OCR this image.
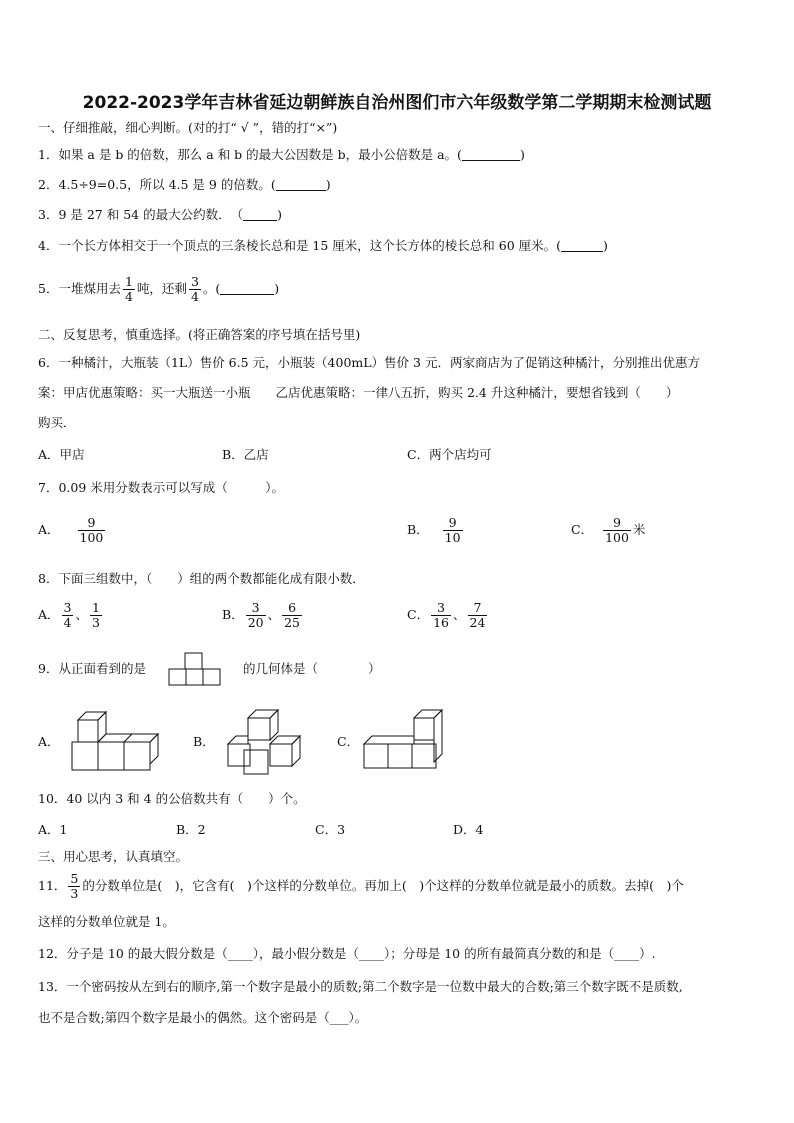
2022-2023学年吉林省延边朝鲜族自治州图们市六年级数学第二学期期末检测试题
一、仔细推敲，细心判断。(对的打“ √ ”，错的打“×”)
1．如果 a 是 b 的倍数，那么 a 和 b 的最大公因数是 b，最小公倍数是 a。(	)
2．4.5÷9=0.5，所以 4.5 是 9 的倍数。(	)
3．9 是 27 和 54 的最大公约数．　（	)
4．一个长方体相交于一个顶点的三条棱长总和是 15 厘米，这个长方体的棱长总和 60 厘米。(	)
5．一堆煤用去 $\frac{1}{4}$ 吨，还剩 $\frac{3}{4}$ 。(	)
二、反复思考，慎重选择。(将正确答案的序号填在括号里)
6．一种橘汁，大瓶装（1L）售价 6.5 元，小瓶装（400mL）售价 3 元．两家商店为了促销这种橘汁，分别推出优惠方
案：甲店优惠策略：买一大瓶送一小瓶　　乙店优惠策略：一律八五折，购买 2.4 升这种橘汁，要想省钱到（　　）
购买．
A．甲店	B．乙店	C．两个店均可
7．0.09 米用分数表示可以写成（　　　）。
A． $\frac{9}{100}$	B． $\frac{9}{10}$	C． $\frac{9}{100}$ 米
8．下面三组数中，（　　）组的两个数都能化成有限小数．
A． $\frac{3}{4}$ 、 $\frac{1}{3}$	B． $\frac{3}{20}$ 、 $\frac{6}{25}$	C． $\frac{3}{16}$ 、 $\frac{7}{24}$
9．从正面看到的是	的几何体是（　　　　）
A．	B．	C．
10．40 以内 3 和 4 的公倍数共有（　　）个。
A．1	B．2	C．3	D．4
三、用心思考，认真填空。
11． $\frac{5}{3}$ 的分数单位是(　)，它含有(　)个这样的分数单位。再加上(　)个这样的分数单位就是最小的质数。去掉(　)个
这样的分数单位就是 1。
12．分子是 10 的最大假分数是（____），最小假分数是（____）；分母是 10 的所有最简真分数的和是（____）.
13．一个密码按从左到右的顺序,第一个数字是最小的质数;第二个数字是一位数中最大的合数;第三个数字既不是质数,
也不是合数;第四个数字是最小的偶然。这个密码是（___）。
